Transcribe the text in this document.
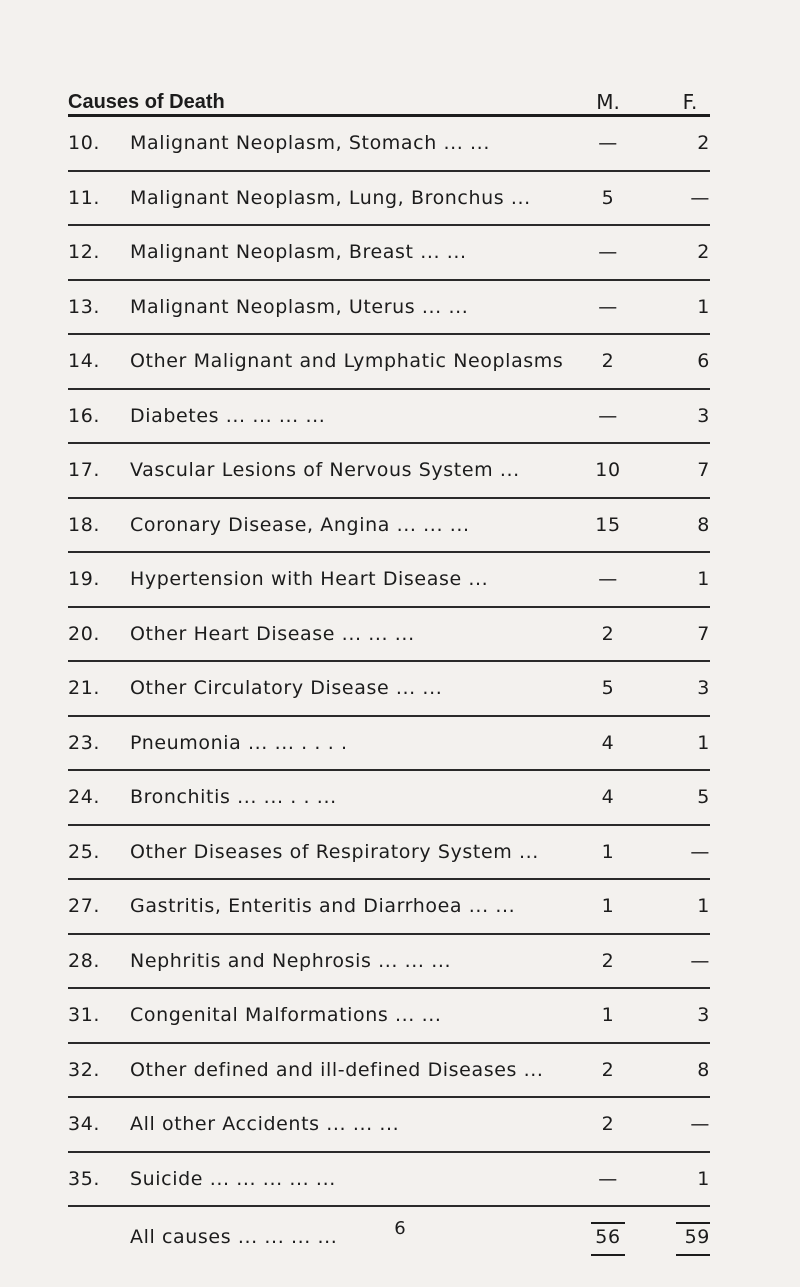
Causes of Death	M.	F.
10.	Malignant Neoplasm, Stomach ... ...	—	2
11.	Malignant Neoplasm, Lung, Bronchus ...	5	—
12.	Malignant Neoplasm, Breast ... ...	—	2
13.	Malignant Neoplasm, Uterus ... ...	—	1
14.	Other Malignant and Lymphatic Neoplasms	2	6
16.	Diabetes ... ... ... ...	—	3
17.	Vascular Lesions of Nervous System ...	10	7
18.	Coronary Disease, Angina ... ... ...	15	8
19.	Hypertension with Heart Disease ...	—	1
20.	Other Heart Disease ... ... ...	2	7
21.	Other Circulatory Disease ... ...	5	3
23.	Pneumonia ... ... . . . .	4	1
24.	Bronchitis ... ... . . ...	4	5
25.	Other Diseases of Respiratory System ...	1	—
27.	Gastritis, Enteritis and Diarrhoea ... ...	1	1
28.	Nephritis and Nephrosis ... ... ...	2	—
31.	Congenital Malformations ... ...	1	3
32.	Other defined and ill-defined Diseases ...	2	8
34.	All other Accidents ... ... ...	2	—
35.	Suicide ... ... ... ... ...	—	1
All causes ... ... ... ...	56	59
6
